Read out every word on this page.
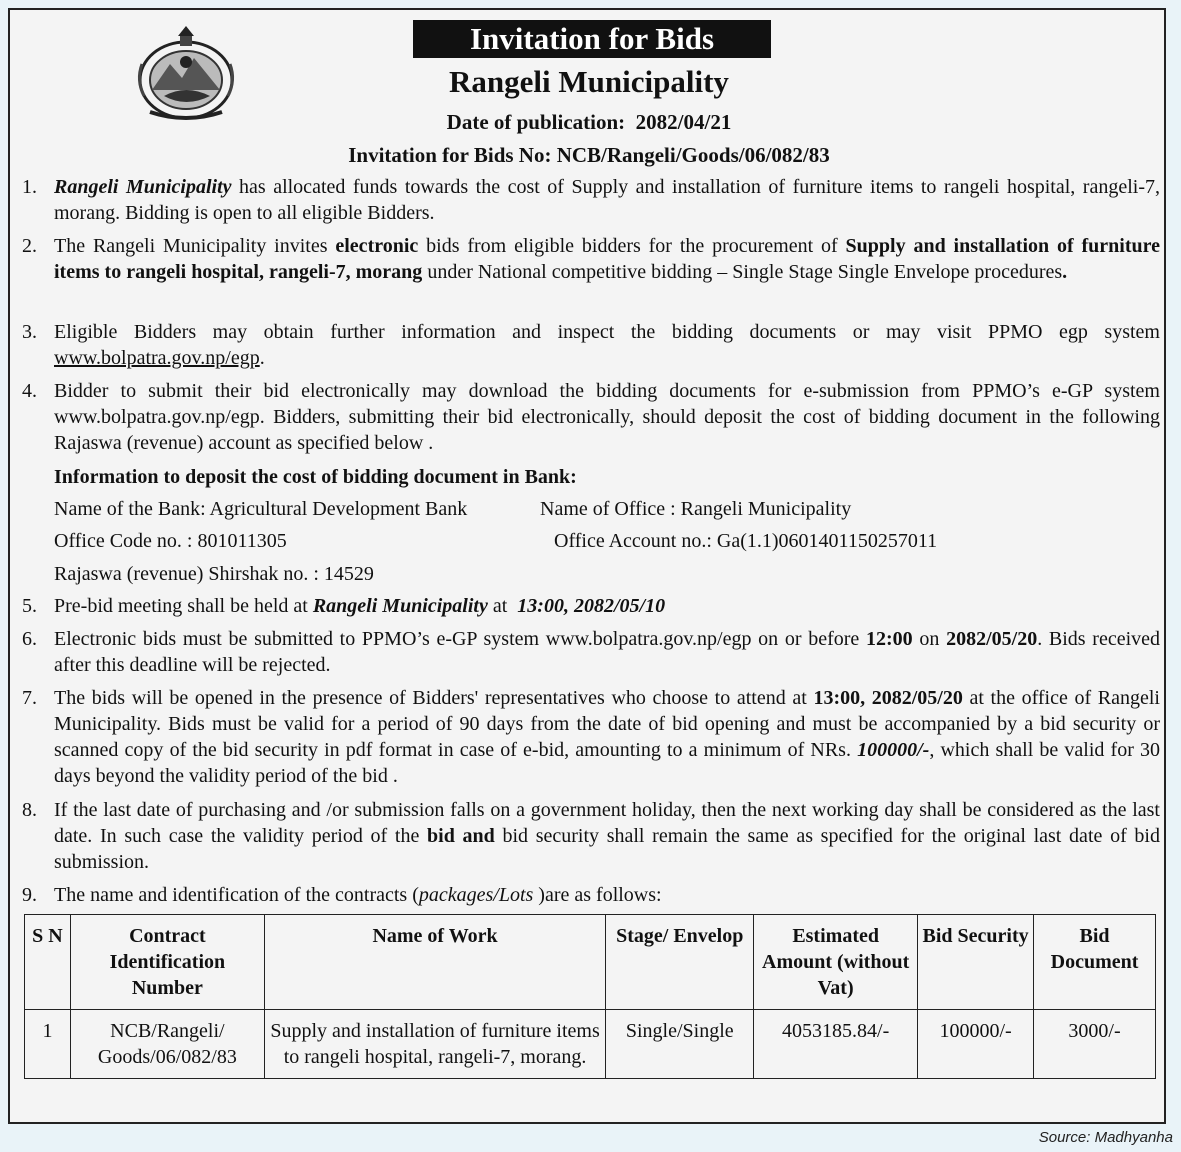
Invitation for Bids
Rangeli Municipality
Date of publication: 2082/04/21
Invitation for Bids No: NCB/Rangeli/Goods/06/082/83
1. Rangeli Municipality has allocated funds towards the cost of Supply and installation of furniture items to rangeli hospital, rangeli-7, morang. Bidding is open to all eligible Bidders.
2. The Rangeli Municipality invites electronic bids from eligible bidders for the procurement of Supply and installation of furniture items to rangeli hospital, rangeli-7, morang under National competitive bidding – Single Stage Single Envelope procedures.
3. Eligible Bidders may obtain further information and inspect the bidding documents or may visit PPMO egp system www.bolpatra.gov.np/egp.
4. Bidder to submit their bid electronically may download the bidding documents for e-submission from PPMO’s e-GP system www.bolpatra.gov.np/egp. Bidders, submitting their bid electronically, should deposit the cost of bidding document in the following Rajaswa (revenue) account as specified below .
Information to deposit the cost of bidding document in Bank:
Name of the Bank: Agricultural Development Bank	Name of Office : Rangeli Municipality
Office Code no. : 801011305	Office Account no.: Ga(1.1)0601401150257011
Rajaswa (revenue) Shirshak no. : 14529
5. Pre-bid meeting shall be held at Rangeli Municipality at  13:00, 2082/05/10
6. Electronic bids must be submitted to PPMO’s e-GP system www.bolpatra.gov.np/egp on or before 12:00 on 2082/05/20. Bids received after this deadline will be rejected.
7. The bids will be opened in the presence of Bidders' representatives who choose to attend at 13:00, 2082/05/20 at the office of Rangeli Municipality. Bids must be valid for a period of 90 days from the date of bid opening and must be accompanied by a bid security or scanned copy of the bid security in pdf format in case of e-bid, amounting to a minimum of NRs. 100000/-, which shall be valid for 30 days beyond the validity period of the bid .
8. If the last date of purchasing and /or submission falls on a government holiday, then the next working day shall be considered as the last date. In such case the validity period of the bid and bid security shall remain the same as specified for the original last date of bid submission.
9. The name and identification of the contracts (packages/Lots )are as follows:
S N	Contract Identification Number	Name of Work	Stage/ Envelop	Estimated Amount (without Vat)	Bid Security	Bid Document
1	NCB/Rangeli/ Goods/06/082/83	Supply and installation of furniture items to rangeli hospital, rangeli-7, morang.	Single/Single	4053185.84/-	100000/-	3000/-
Source: Madhyanha
